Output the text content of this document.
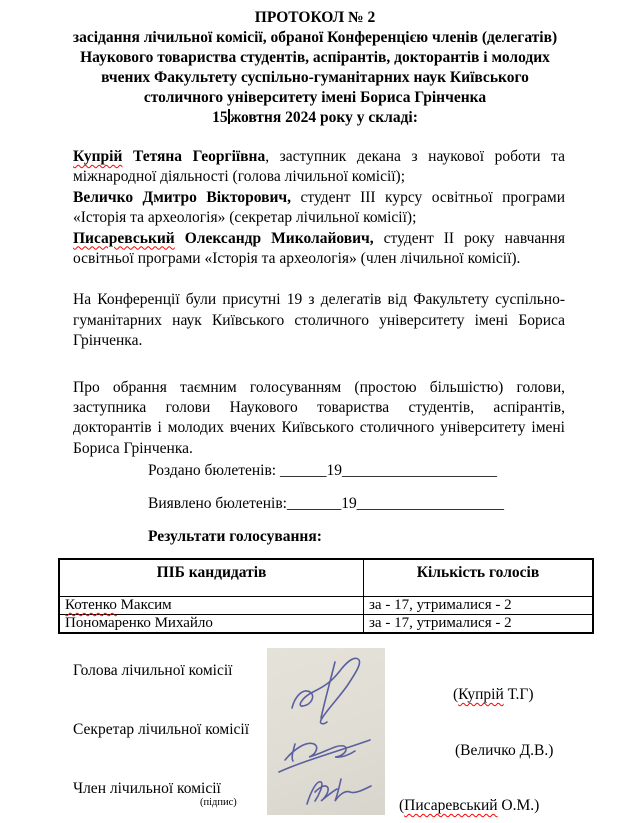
ПРОТОКОЛ № 2
засідання лічильної комісії, обраної Конференцією членів (делегатів)
Наукового товариства студентів, аспірантів, докторантів і молодих
вчених Факультету суспільно-гуманітарних наук Київського
столичного університету імені Бориса Грінченка
15 жовтня 2024 року у складі:

Купрій Тетяна Георгіївна, заступник декана з наукової роботи та міжнародної діяльності (голова лічильної комісії);

Величко Дмитро Вікторович, студент III курсу освітньої програми «Історія та археологія» (секретар лічильної комісії);

Писаревський Олександр Миколайович, студент II року навчання освітньої програми «Історія та археологія» (член лічильної комісії).

На Конференції були присутні 19 з делегатів від Факультету суспільно-гуманітарних наук Київського столичного університету імені Бориса Грінченка.

Про обрання таємним голосуванням (простою більшістю) голови, заступника голови Наукового товариства студентів, аспірантів, докторантів і молодих вчених Київського столичного університету імені Бориса Грінченка.

Роздано бюлетенів: ______19____________________
Виявлено бюлетенів:_______19___________________
Результати голосування:
ПІБ кандидатів	Кількість голосів
Котенко Максим	за - 17, утрималися - 2
Пономаренко Михайло	за - 17, утрималися - 2
Голова лічильної комісії
Секретар лічильної комісії
Член лічильної комісії
(підпис)
(Купрій Т.Г)
(Величко Д.В.)
(Писаревський О.М.)
